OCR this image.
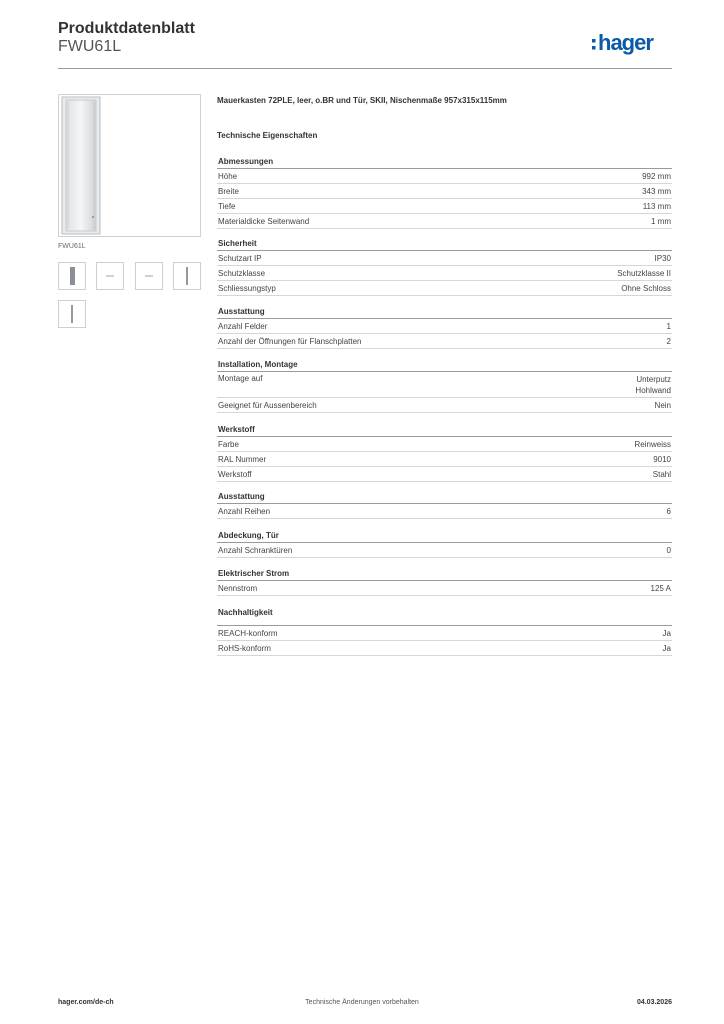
Produktdatenblatt
FWU61L	hager
FWU61L
Mauerkasten 72PLE, leer, o.BR und Tür, SKII, Nischenmaße 957x315x115mm
Technische Eigenschaften
Abmessungen
Höhe	992 mm
Breite	343 mm
Tiefe	113 mm
Materialdicke Seitenwand	1 mm
Sicherheit
Schutzart IP	IP30
Schutzklasse	Schutzklasse II
Schliessungstyp	Ohne Schloss
Ausstattung
Anzahl Felder	1
Anzahl der Öffnungen für Flanschplatten	2
Installation, Montage
Montage auf	Unterputz
Hohlwand
Geeignet für Aussenbereich	Nein
Werkstoff
Farbe	Reinweiss
RAL Nummer	9010
Werkstoff	Stahl
Ausstattung
Anzahl Reihen	6
Abdeckung, Tür
Anzahl Schranktüren	0
Elektrischer Strom
Nennstrom	125 A
Nachhaltigkeit
REACH-konform	Ja
RoHS-konform	Ja
hager.com/de-ch	Technische Änderungen vorbehalten	04.03.2026
